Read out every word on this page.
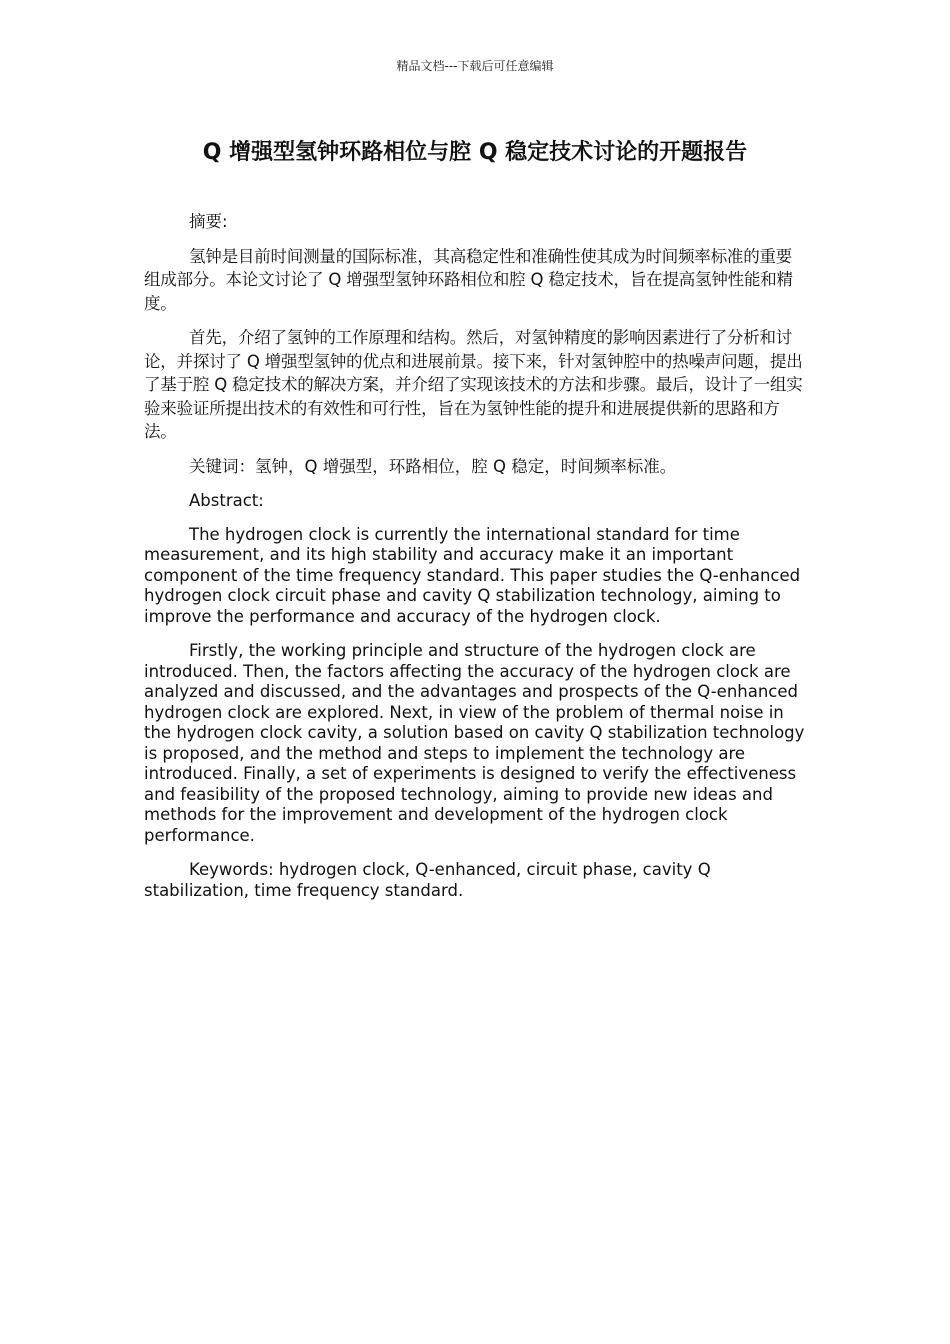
精品文档---下载后可任意编辑
Q 增强型氢钟环路相位与腔 Q 稳定技术讨论的开题报告

摘要:

氢钟是目前时间测量的国际标准，其高稳定性和准确性使其成为时间频率标准的重要组成部分。本论文讨论了 Q 增强型氢钟环路相位和腔 Q 稳定技术，旨在提高氢钟性能和精度。

首先，介绍了氢钟的工作原理和结构。然后，对氢钟精度的影响因素进行了分析和讨论，并探讨了 Q 增强型氢钟的优点和进展前景。接下来，针对氢钟腔中的热噪声问题，提出了基于腔 Q 稳定技术的解决方案，并介绍了实现该技术的方法和步骤。最后，设计了一组实验来验证所提出技术的有效性和可行性，旨在为氢钟性能的提升和进展提供新的思路和方法。

关键词：氢钟，Q 增强型，环路相位，腔 Q 稳定，时间频率标准。

Abstract:

The hydrogen clock is currently the international standard for time measurement, and its high stability and accuracy make it an important component of the time frequency standard. This paper studies the Q-enhanced hydrogen clock circuit phase and cavity Q stabilization technology, aiming to improve the performance and accuracy of the hydrogen clock.

Firstly, the working principle and structure of the hydrogen clock are introduced. Then, the factors affecting the accuracy of the hydrogen clock are analyzed and discussed, and the advantages and prospects of the Q-enhanced hydrogen clock are explored. Next, in view of the problem of thermal noise in the hydrogen clock cavity, a solution based on cavity Q stabilization technology is proposed, and the method and steps to implement the technology are introduced. Finally, a set of experiments is designed to verify the effectiveness and feasibility of the proposed technology, aiming to provide new ideas and methods for the improvement and development of the hydrogen clock performance.

Keywords: hydrogen clock, Q-enhanced, circuit phase, cavity Q stabilization, time frequency standard.
